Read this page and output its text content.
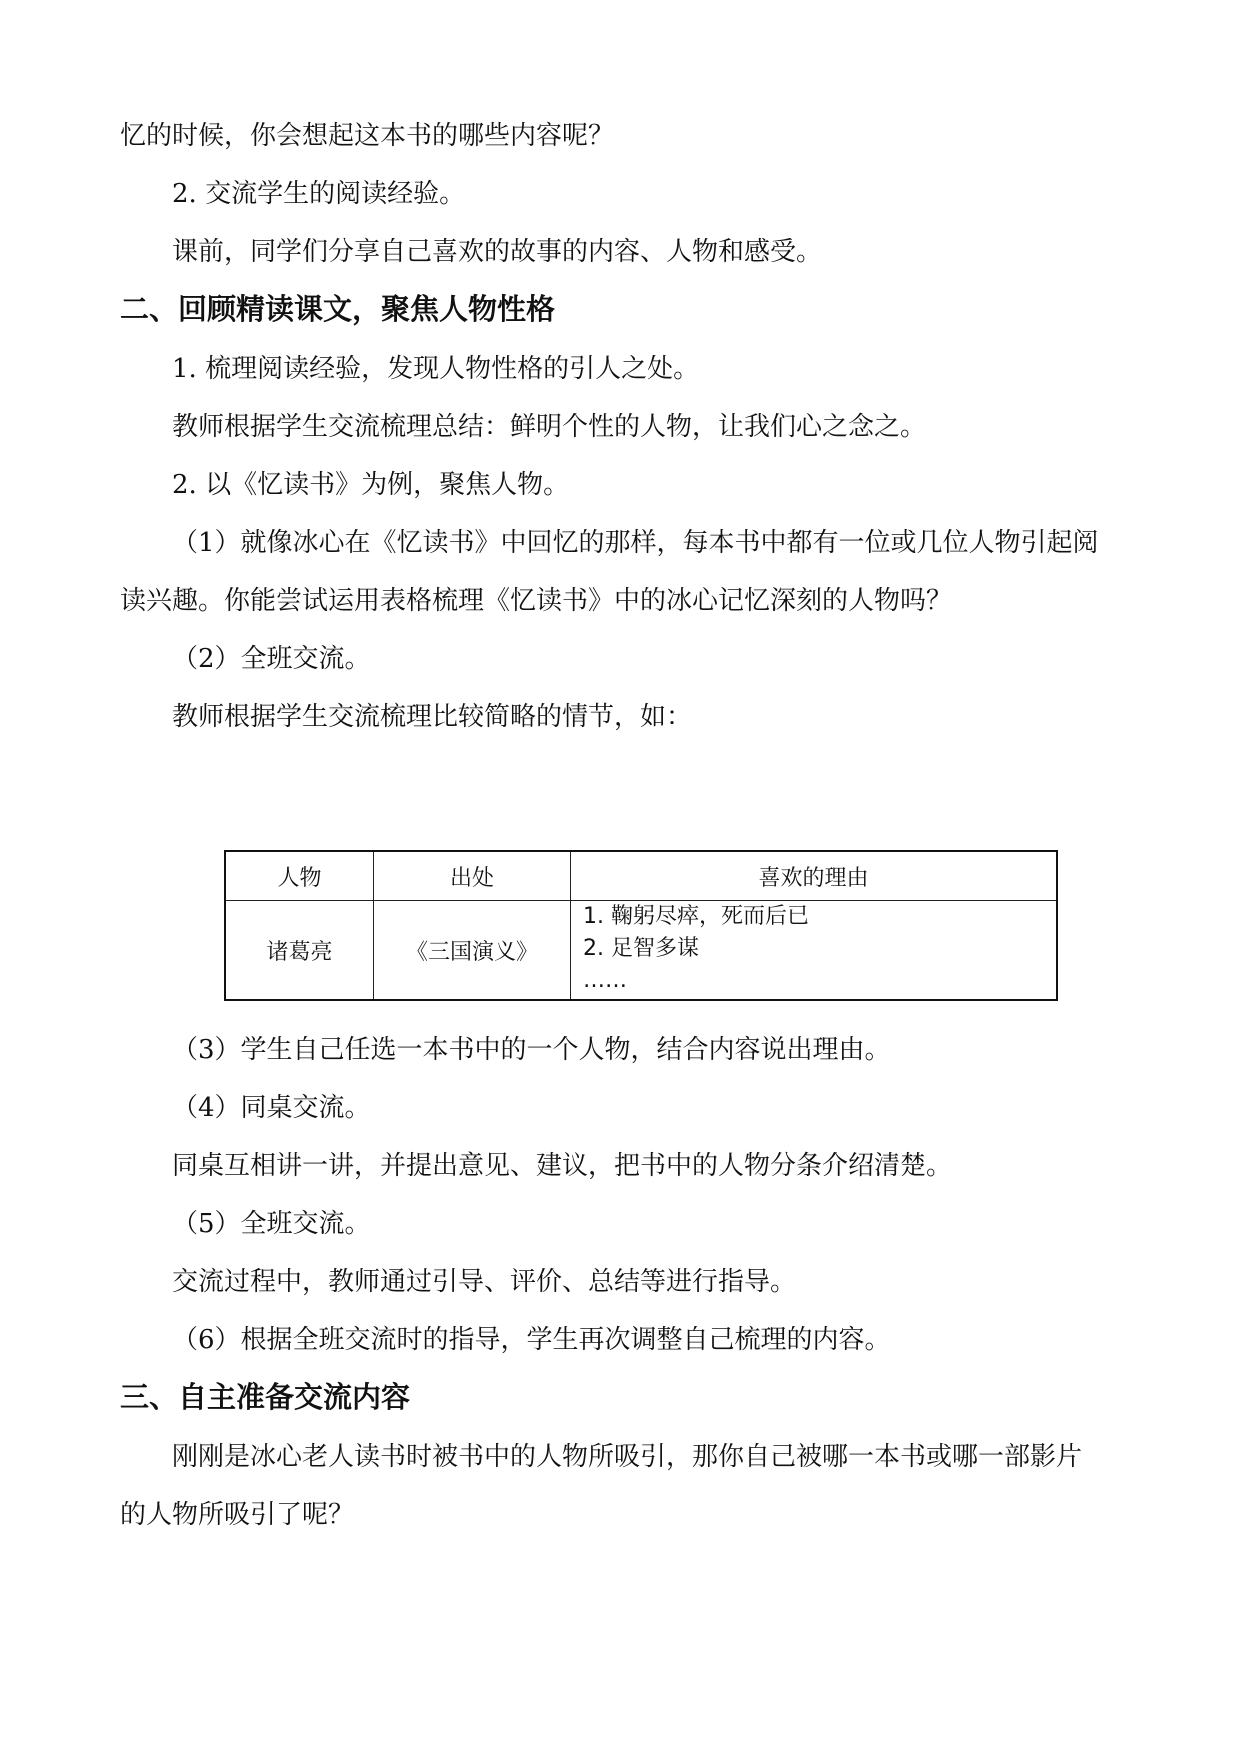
忆的时候，你会想起这本书的哪些内容呢？
2. 交流学生的阅读经验。
课前，同学们分享自己喜欢的故事的内容、人物和感受。
二、回顾精读课文，聚焦人物性格
1. 梳理阅读经验，发现人物性格的引人之处。
教师根据学生交流梳理总结：鲜明个性的人物，让我们心之念之。
2. 以《忆读书》为例，聚焦人物。
（1）就像冰心在《忆读书》中回忆的那样，每本书中都有一位或几位人物引起阅
读兴趣。你能尝试运用表格梳理《忆读书》中的冰心记忆深刻的人物吗？
（2）全班交流。
教师根据学生交流梳理比较简略的情节，如：
人物	出处	喜欢的理由
诸葛亮	《三国演义》	1. 鞠躬尽瘁，死而后已
2. 足智多谋
……
（3）学生自己任选一本书中的一个人物，结合内容说出理由。
（4）同桌交流。
同桌互相讲一讲，并提出意见、建议，把书中的人物分条介绍清楚。
（5）全班交流。
交流过程中，教师通过引导、评价、总结等进行指导。
（6）根据全班交流时的指导，学生再次调整自己梳理的内容。
三、自主准备交流内容
刚刚是冰心老人读书时被书中的人物所吸引，那你自己被哪一本书或哪一部影片
的人物所吸引了呢？
